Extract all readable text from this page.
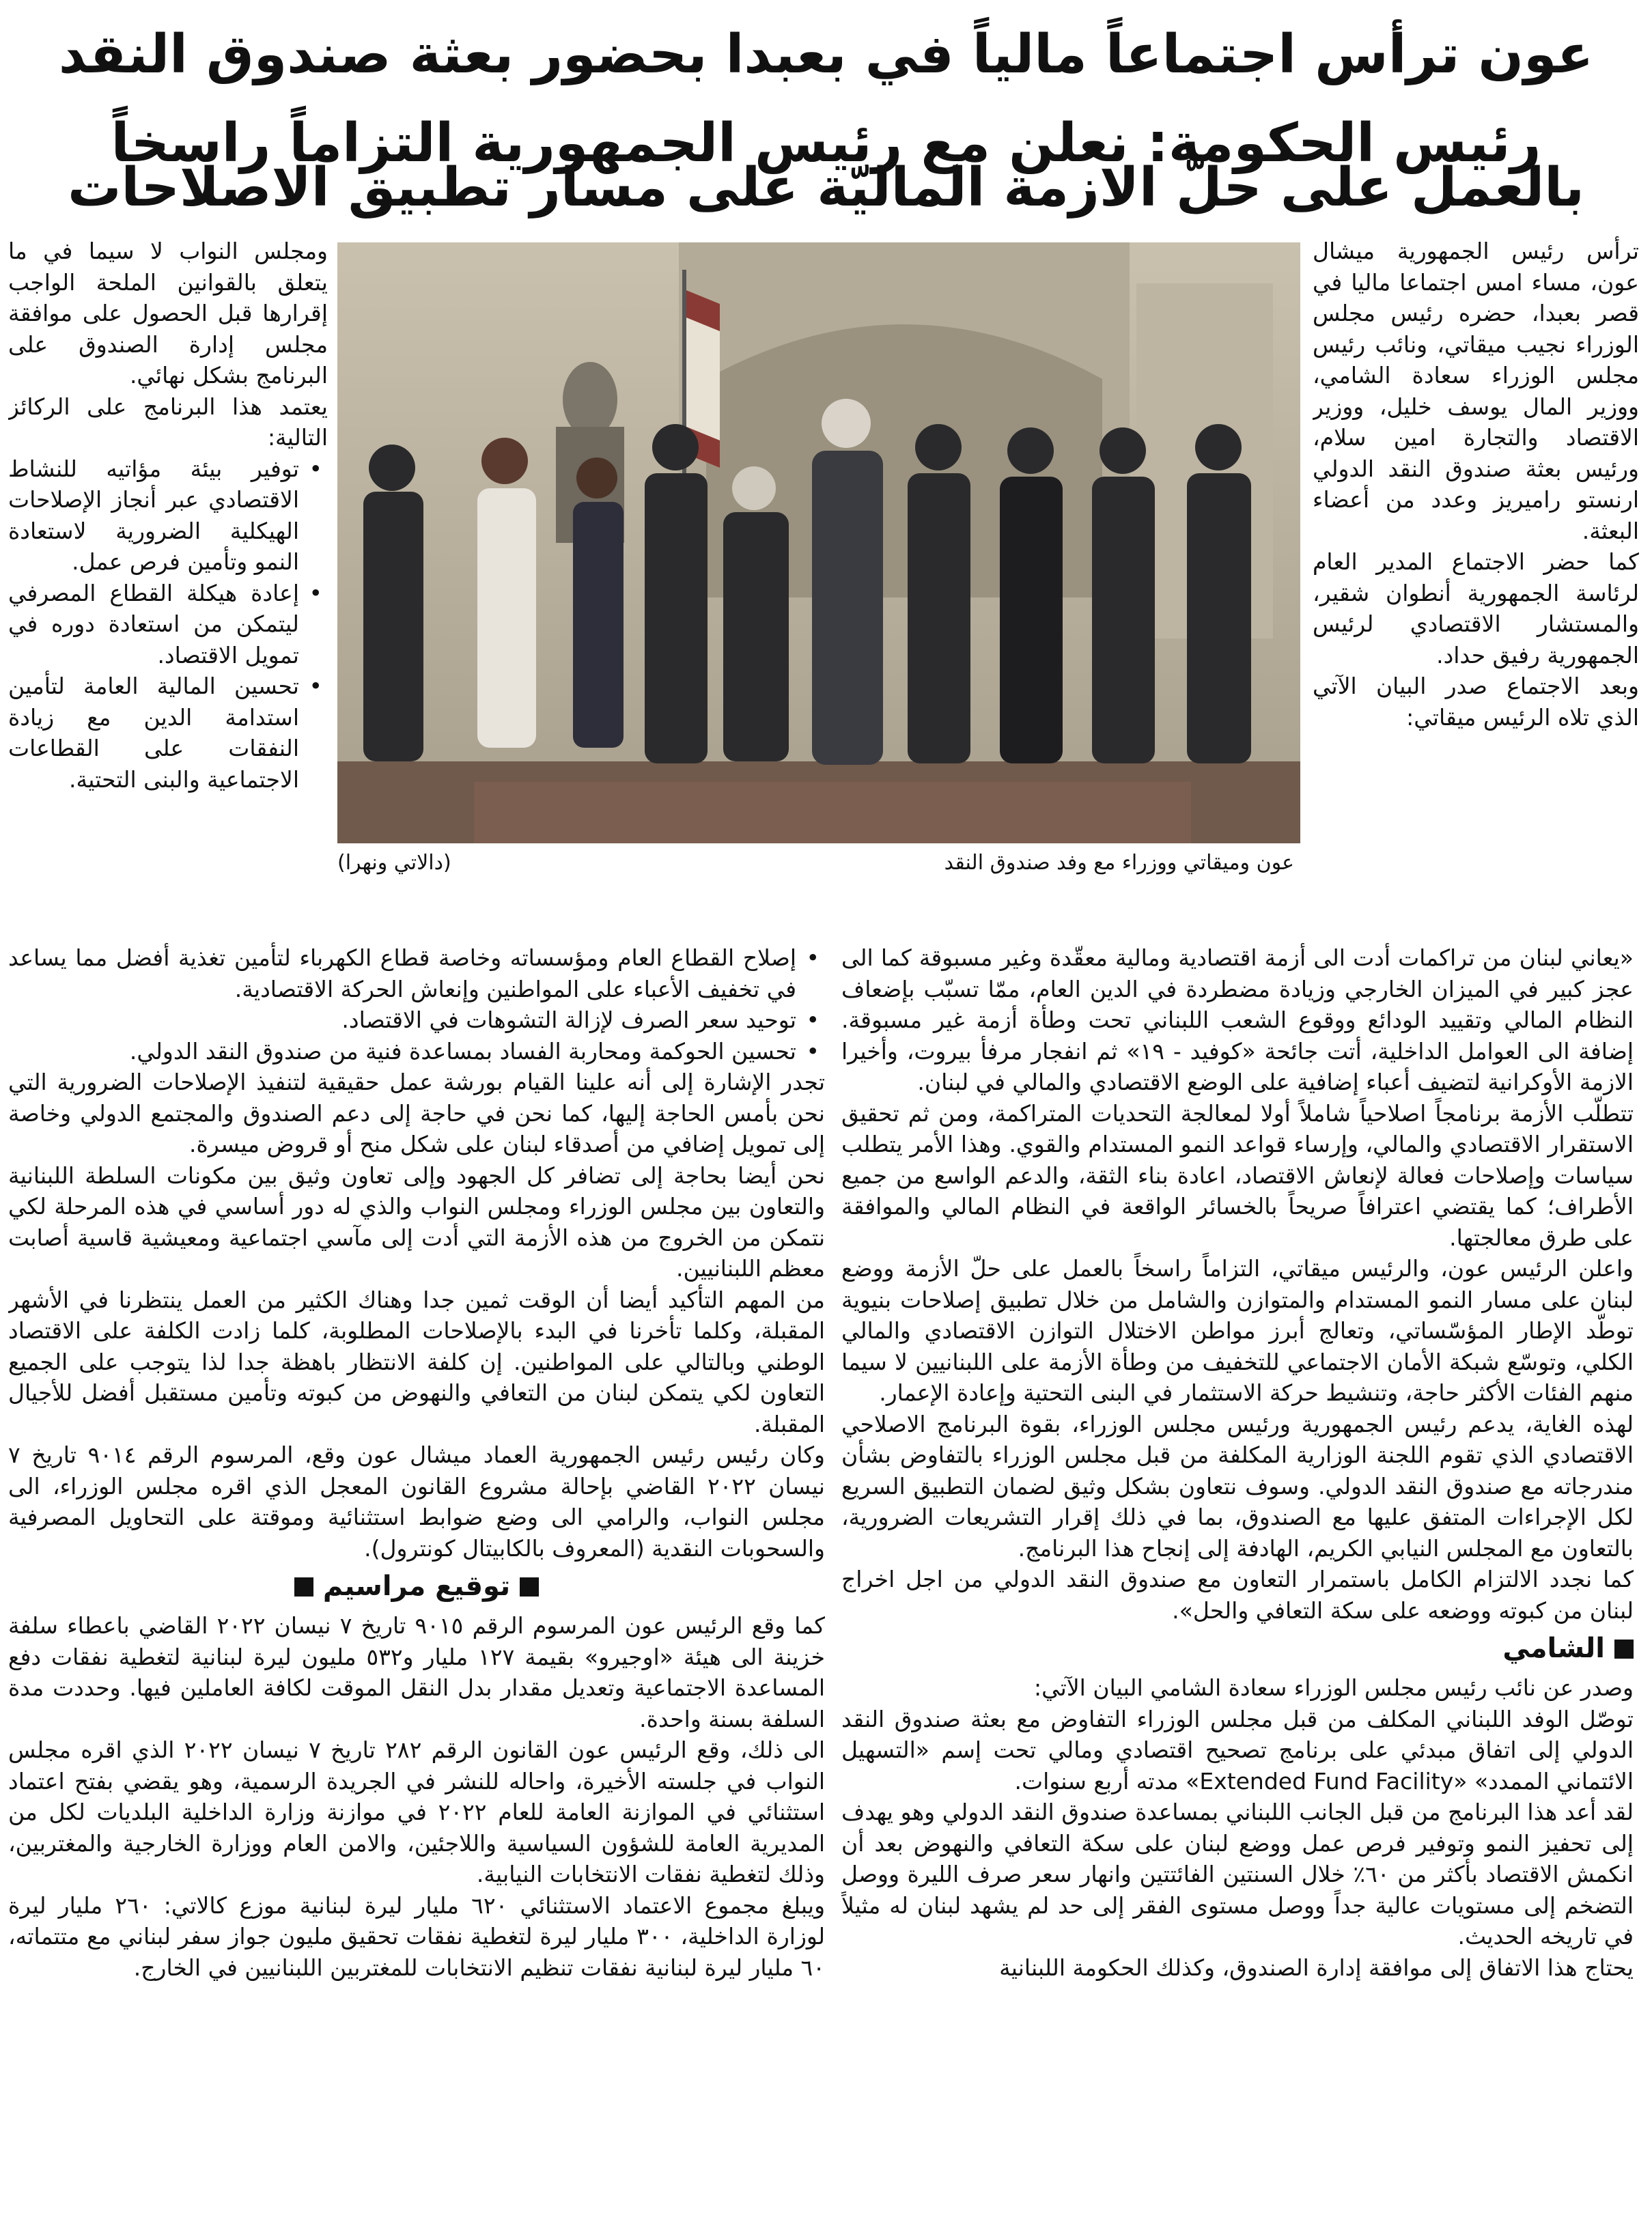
عون ترأس اجتماعاً مالياً في بعبدا بحضور بعثة صندوق النقد
رئيس الحكومة: نعلن مع رئيس الجمهورية التزاماً راسخاً
بالعمل على حلّ الازمة الماليّة على مسار تطبيق الاصلاحات

ترأس رئيس الجمهورية ميشال عون، مساء امس اجتماعا ماليا في قصر بعبدا، حضره رئيس مجلس الوزراء نجيب ميقاتي، ونائب رئيس مجلس الوزراء سعادة الشامي، ووزير المال يوسف خليل، ووزير الاقتصاد والتجارة امين سلام، ورئيس بعثة صندوق النقد الدولي ارنستو راميريز وعدد من أعضاء البعثة.

كما حضر الاجتماع المدير العام لرئاسة الجمهورية أنطوان شقير، والمستشار الاقتصادي لرئيس الجمهورية رفيق حداد.

وبعد الاجتماع صدر البيان الآتي الذي تلاه الرئيس ميقاتي:

ومجلس النواب لا سيما في ما يتعلق بالقوانين الملحة الواجب إقرارها قبل الحصول على موافقة مجلس إدارة الصندوق على البرنامج بشكل نهائي.

يعتمد هذا البرنامج على الركائز التالية:

• توفير بيئة مؤاتيه للنشاط الاقتصادي عبر أنجاز الإصلاحات الهيكلية الضرورية لاستعادة النمو وتأمين فرص عمل.
• إعادة هيكلة القطاع المصرفي ليتمكن من استعادة دوره في تمويل الاقتصاد.
• تحسين المالية العامة لتأمين استدامة الدين مع زيادة النفقات على القطاعات الاجتماعية والبنى التحتية.
عون وميقاتي ووزراء مع وفد صندوق النقد
(دالاتي ونهرا)

«يعاني لبنان من تراكمات أدت الى أزمة اقتصادية ومالية معقّدة وغير مسبوقة كما الى عجز كبير في الميزان الخارجي وزيادة مضطردة في الدين العام، ممّا تسبّب بإضعاف النظام المالي وتقييد الودائع ووقوع الشعب اللبناني تحت وطأة أزمة غير مسبوقة. إضافة الى العوامل الداخلية، أتت جائحة «كوفيد - ١٩» ثم انفجار مرفأ بيروت، وأخيرا الازمة الأوكرانية لتضيف أعباء إضافية على الوضع الاقتصادي والمالي في لبنان.

تتطلّب الأزمة برنامجاً اصلاحياً شاملاً أولا لمعالجة التحديات المتراكمة، ومن ثم تحقيق الاستقرار الاقتصادي والمالي، وإرساء قواعد النمو المستدام والقوي. وهذا الأمر يتطلب سياسات وإصلاحات فعالة لإنعاش الاقتصاد، اعادة بناء الثقة، والدعم الواسع من جميع الأطراف؛ كما يقتضي اعترافاً صريحاً بالخسائر الواقعة في النظام المالي والموافقة على طرق معالجتها.

واعلن الرئيس عون، والرئيس ميقاتي، التزاماً راسخاً بالعمل على حلّ الأزمة ووضع لبنان على مسار النمو المستدام والمتوازن والشامل من خلال تطبيق إصلاحات بنيوية توطّد الإطار المؤسّساتي، وتعالج أبرز مواطن الاختلال التوازن الاقتصادي والمالي الكلي، وتوسّع شبكة الأمان الاجتماعي للتخفيف من وطأة الأزمة على اللبنانيين لا سيما منهم الفئات الأكثر حاجة، وتنشيط حركة الاستثمار في البنى التحتية وإعادة الإعمار.

لهذه الغاية، يدعم رئيس الجمهورية ورئيس مجلس الوزراء، بقوة البرنامج الاصلاحي الاقتصادي الذي تقوم اللجنة الوزارية المكلفة من قبل مجلس الوزراء بالتفاوض بشأن مندرجاته مع صندوق النقد الدولي. وسوف نتعاون بشكل وثيق لضمان التطبيق السريع لكل الإجراءات المتفق عليها مع الصندوق، بما في ذلك إقرار التشريعات الضرورية، بالتعاون مع المجلس النيابي الكريم، الهادفة إلى إنجاح هذا البرنامج.

كما نجدد الالتزام الكامل باستمرار التعاون مع صندوق النقد الدولي من اجل اخراج لبنان من كبوته ووضعه على سكة التعافي والحل».

الشامي

وصدر عن نائب رئيس مجلس الوزراء سعادة الشامي البيان الآتي:

توصّل الوفد اللبناني المكلف من قبل مجلس الوزراء التفاوض مع بعثة صندوق النقد الدولي إلى اتفاق مبدئي على برنامج تصحيح اقتصادي ومالي تحت إسم «التسهيل الائتماني الممدد» «Extended Fund Facility» مدته أربع سنوات.

لقد أعد هذا البرنامج من قبل الجانب اللبناني بمساعدة صندوق النقد الدولي وهو يهدف إلى تحفيز النمو وتوفير فرص عمل ووضع لبنان على سكة التعافي والنهوض بعد أن انكمش الاقتصاد بأكثر من ٦٠٪ خلال السنتين الفائتتين وانهار سعر صرف الليرة ووصل التضخم إلى مستويات عالية جداً ووصل مستوى الفقر إلى حد لم يشهد لبنان له مثيلاً في تاريخه الحديث.

يحتاج هذا الاتفاق إلى موافقة إدارة الصندوق، وكذلك الحكومة اللبنانية

• إصلاح القطاع العام ومؤسساته وخاصة قطاع الكهرباء لتأمين تغذية أفضل مما يساعد في تخفيف الأعباء على المواطنين وإنعاش الحركة الاقتصادية.
• توحيد سعر الصرف لإزالة التشوهات في الاقتصاد.
• تحسين الحوكمة ومحاربة الفساد بمساعدة فنية من صندوق النقد الدولي.

تجدر الإشارة إلى أنه علينا القيام بورشة عمل حقيقية لتنفيذ الإصلاحات الضرورية التي نحن بأمس الحاجة إليها، كما نحن في حاجة إلى دعم الصندوق والمجتمع الدولي وخاصة إلى تمويل إضافي من أصدقاء لبنان على شكل منح أو قروض ميسرة.

نحن أيضا بحاجة إلى تضافر كل الجهود وإلى تعاون وثيق بين مكونات السلطة اللبنانية والتعاون بين مجلس الوزراء ومجلس النواب والذي له دور أساسي في هذه المرحلة لكي نتمكن من الخروج من هذه الأزمة التي أدت إلى مآسي اجتماعية ومعيشية قاسية أصابت معظم اللبنانيين.

من المهم التأكيد أيضا أن الوقت ثمين جدا وهناك الكثير من العمل ينتظرنا في الأشهر المقبلة، وكلما تأخرنا في البدء بالإصلاحات المطلوبة، كلما زادت الكلفة على الاقتصاد الوطني وبالتالي على المواطنين. إن كلفة الانتظار باهظة جدا لذا يتوجب على الجميع التعاون لكي يتمكن لبنان من التعافي والنهوض من كبوته وتأمين مستقبل أفضل للأجيال المقبلة.

وكان رئيس رئيس الجمهورية العماد ميشال عون وقع، المرسوم الرقم ٩٠١٤ تاريخ ٧ نيسان ٢٠٢٢ القاضي بإحالة مشروع القانون المعجل الذي اقره مجلس الوزراء، الى مجلس النواب، والرامي الى وضع ضوابط استثنائية وموقتة على التحاويل المصرفية والسحوبات النقدية (المعروف بالكابيتال كونترول).

توقيع مراسيم

كما وقع الرئيس عون المرسوم الرقم ٩٠١٥ تاريخ ٧ نيسان ٢٠٢٢ القاضي باعطاء سلفة خزينة الى هيئة «اوجيرو» بقيمة ١٢٧ مليار و٥٣٢ مليون ليرة لبنانية لتغطية نفقات دفع المساعدة الاجتماعية وتعديل مقدار بدل النقل الموقت لكافة العاملين فيها. وحددت مدة السلفة بسنة واحدة.

الى ذلك، وقع الرئيس عون القانون الرقم ٢٨٢ تاريخ ٧ نيسان ٢٠٢٢ الذي اقره مجلس النواب في جلسته الأخيرة، واحاله للنشر في الجريدة الرسمية، وهو يقضي بفتح اعتماد استثنائي في الموازنة العامة للعام ٢٠٢٢ في موازنة وزارة الداخلية البلديات لكل من المديرية العامة للشؤون السياسية واللاجئين، والامن العام ووزارة الخارجية والمغتربين، وذلك لتغطية نفقات الانتخابات النيابية.

ويبلغ مجموع الاعتماد الاستثنائي ٦٢٠ مليار ليرة لبنانية موزع كالاتي: ٢٦٠ مليار ليرة لوزارة الداخلية، ٣٠٠ مليار ليرة لتغطية نفقات تحقيق مليون جواز سفر لبناني مع متتماته، ٦٠ مليار ليرة لبنانية نفقات تنظيم الانتخابات للمغتربين اللبنانيين في الخارج.
